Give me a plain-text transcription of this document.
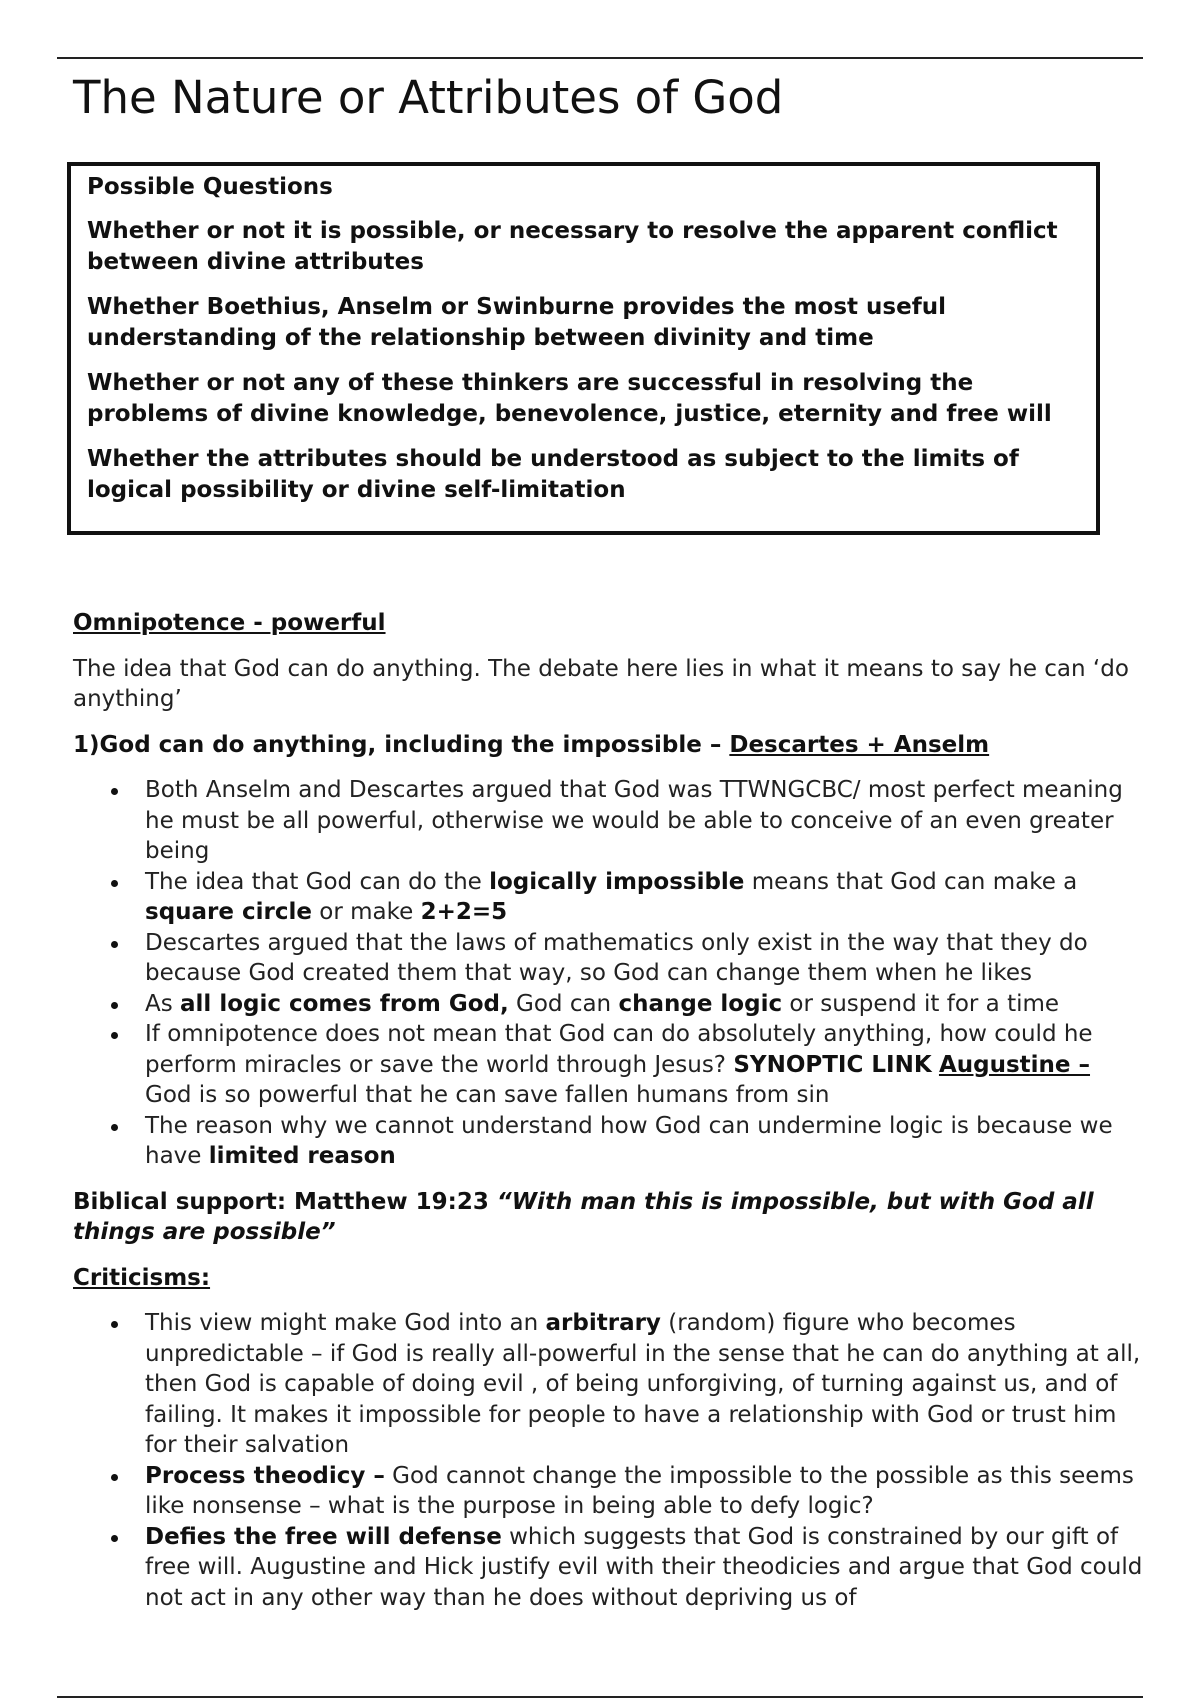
The Nature or Attributes of God

Possible Questions

Whether or not it is possible, or necessary to resolve the apparent conflict between divine attributes

Whether Boethius, Anselm or Swinburne provides the most useful understanding of the relationship between divinity and time

Whether or not any of these thinkers are successful in resolving the problems of divine knowledge, benevolence, justice, eternity and free will

Whether the attributes should be understood as subject to the limits of logical possibility or divine self-limitation

Omnipotence - powerful

The idea that God can do anything. The debate here lies in what it means to say he can ‘do anything’

1)God can do anything, including the impossible – Descartes + Anselm

Both Anselm and Descartes argued that God was TTWNGCBC/ most perfect meaning he must be all powerful, otherwise we would be able to conceive of an even greater being
The idea that God can do the logically impossible means that God can make a square circle or make 2+2=5
Descartes argued that the laws of mathematics only exist in the way that they do because God created them that way, so God can change them when he likes
As all logic comes from God, God can change logic or suspend it for a time
If omnipotence does not mean that God can do absolutely anything, how could he perform miracles or save the world through Jesus? SYNOPTIC LINK Augustine – God is so powerful that he can save fallen humans from sin
The reason why we cannot understand how God can undermine logic is because we have limited reason

Biblical support: Matthew 19:23 “With man this is impossible, but with God all things are possible”

Criticisms:

This view might make God into an arbitrary (random) figure who becomes unpredictable – if God is really all-powerful in the sense that he can do anything at all, then God is capable of doing evil , of being unforgiving, of turning against us, and of failing. It makes it impossible for people to have a relationship with God or trust him for their salvation
Process theodicy – God cannot change the impossible to the possible as this seems like nonsense – what is the purpose in being able to defy logic?
Defies the free will defense which suggests that God is constrained by our gift of free will. Augustine and Hick justify evil with their theodicies and argue that God could not act in any other way than he does without depriving us of
